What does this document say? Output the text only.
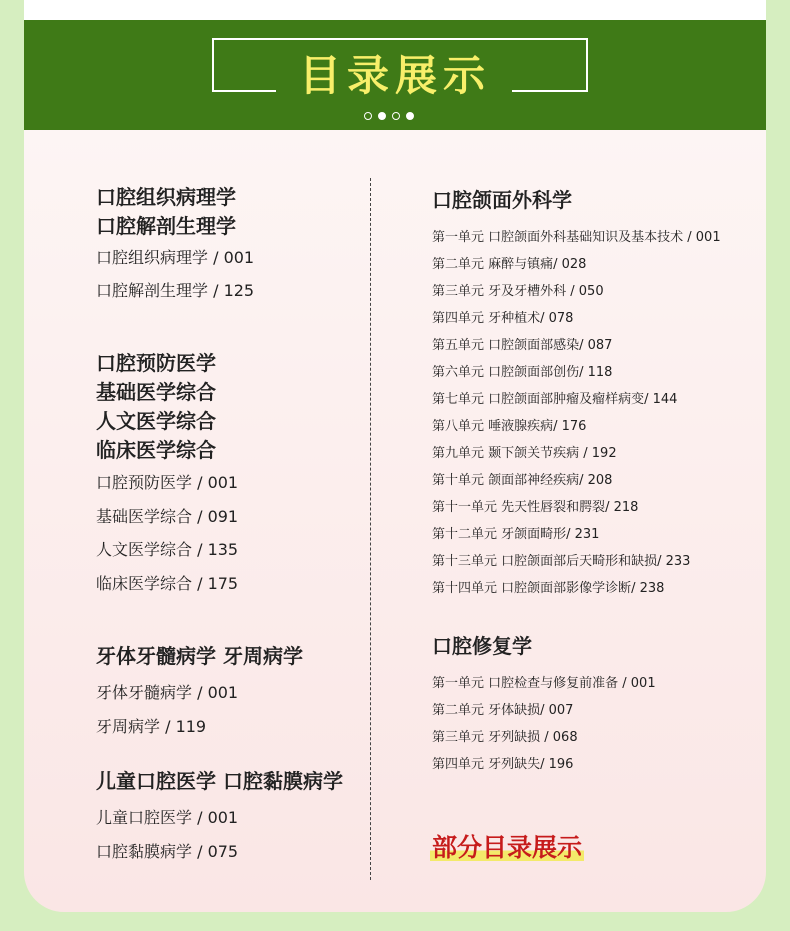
目录展示
口腔组织病理学
口腔解剖生理学
口腔组织病理学 / 001
口腔解剖生理学 / 125
口腔预防医学
基础医学综合
人文医学综合
临床医学综合
口腔预防医学 / 001
基础医学综合 / 091
人文医学综合 / 135
临床医学综合 / 175
牙体牙髓病学 牙周病学
牙体牙髓病学 / 001
牙周病学 / 119
儿童口腔医学 口腔黏膜病学
儿童口腔医学 / 001
口腔黏膜病学 / 075
口腔颌面外科学
第一单元 口腔颌面外科基础知识及基本技术 / 001
第二单元 麻醉与镇痛/ 028
第三单元 牙及牙槽外科 / 050
第四单元 牙种植术/ 078
第五单元 口腔颌面部感染/ 087
第六单元 口腔颌面部创伤/ 118
第七单元 口腔颌面部肿瘤及瘤样病变/ 144
第八单元 唾液腺疾病/ 176
第九单元 颞下颌关节疾病 / 192
第十单元 颌面部神经疾病/ 208
第十一单元 先天性唇裂和腭裂/ 218
第十二单元 牙颌面畸形/ 231
第十三单元 口腔颌面部后天畸形和缺损/ 233
第十四单元 口腔颌面部影像学诊断/ 238
口腔修复学
第一单元 口腔检查与修复前准备 / 001
第二单元 牙体缺损/ 007
第三单元 牙列缺损 / 068
第四单元 牙列缺失/ 196
部分目录展示
